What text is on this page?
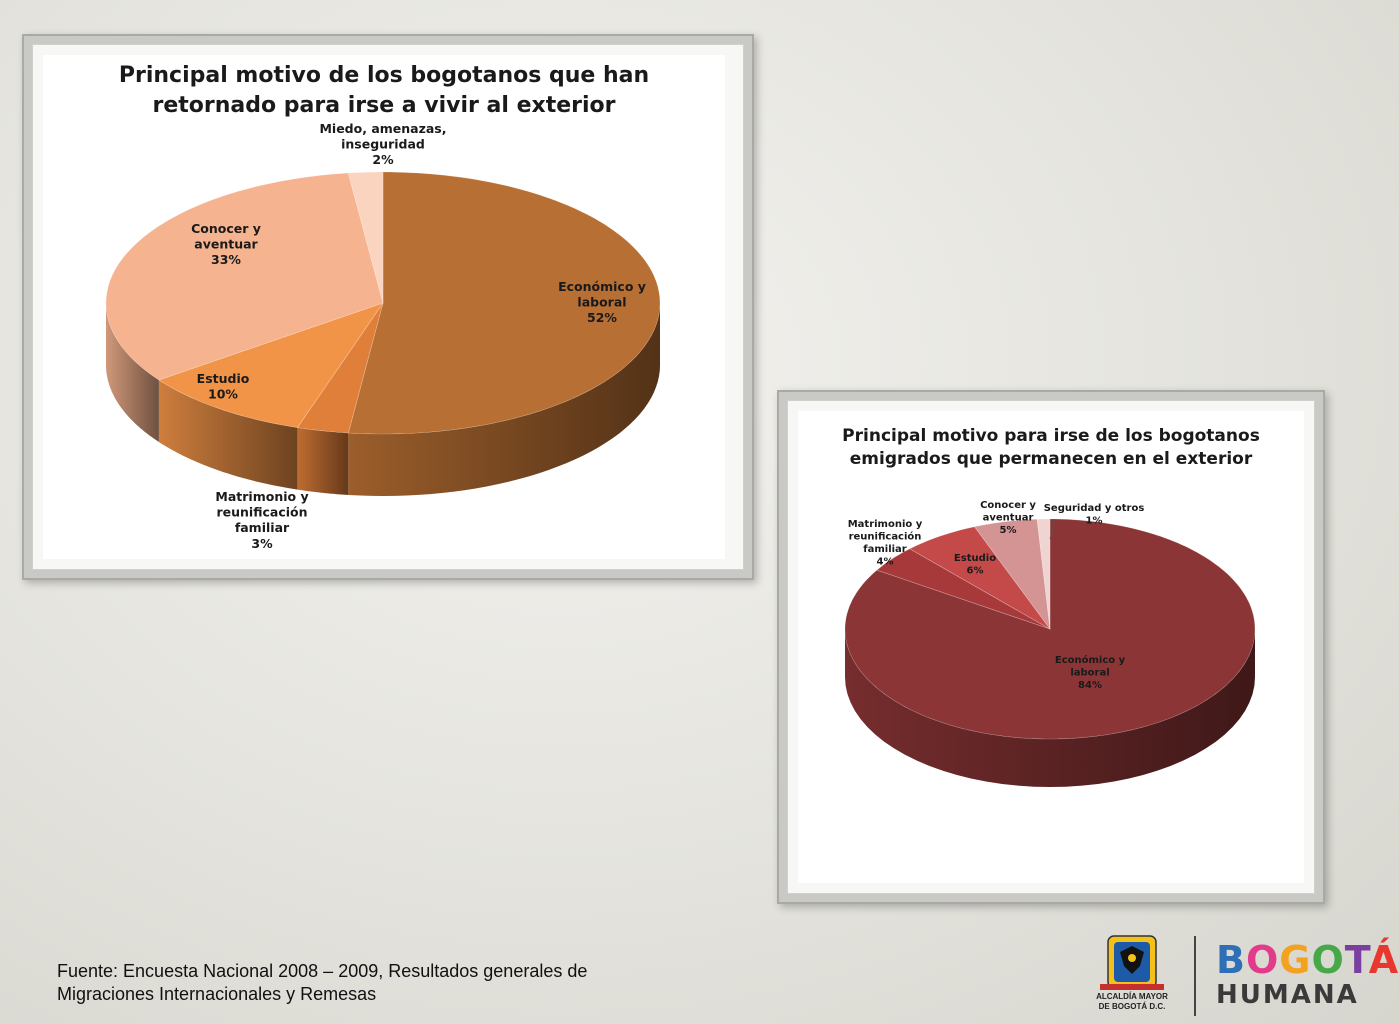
Principal motivo de los bogotanos que han
retornado para irse a vivir al exterior
Económico y laboral 52%
Matrimonio y reunificación familiar 3%
Estudio 10%
Conocer y aventuar 33%
Miedo, amenazas, inseguridad 2%
Principal motivo para irse de los bogotanos
emigrados que permanecen en el exterior
Económico y laboral 84%
Matrimonio y reunificación familiar 4%	Estudio 6%
Conocer y aventuar 5%
Seguridad y otros 1%
Fuente: Encuesta Nacional 2008 – 2009, Resultados generales de
Migraciones Internacionales y Remesas	ALCALDÍA MAYOR
DE BOGOTÁ D.C.
BOGOTÁ
HUMANA
